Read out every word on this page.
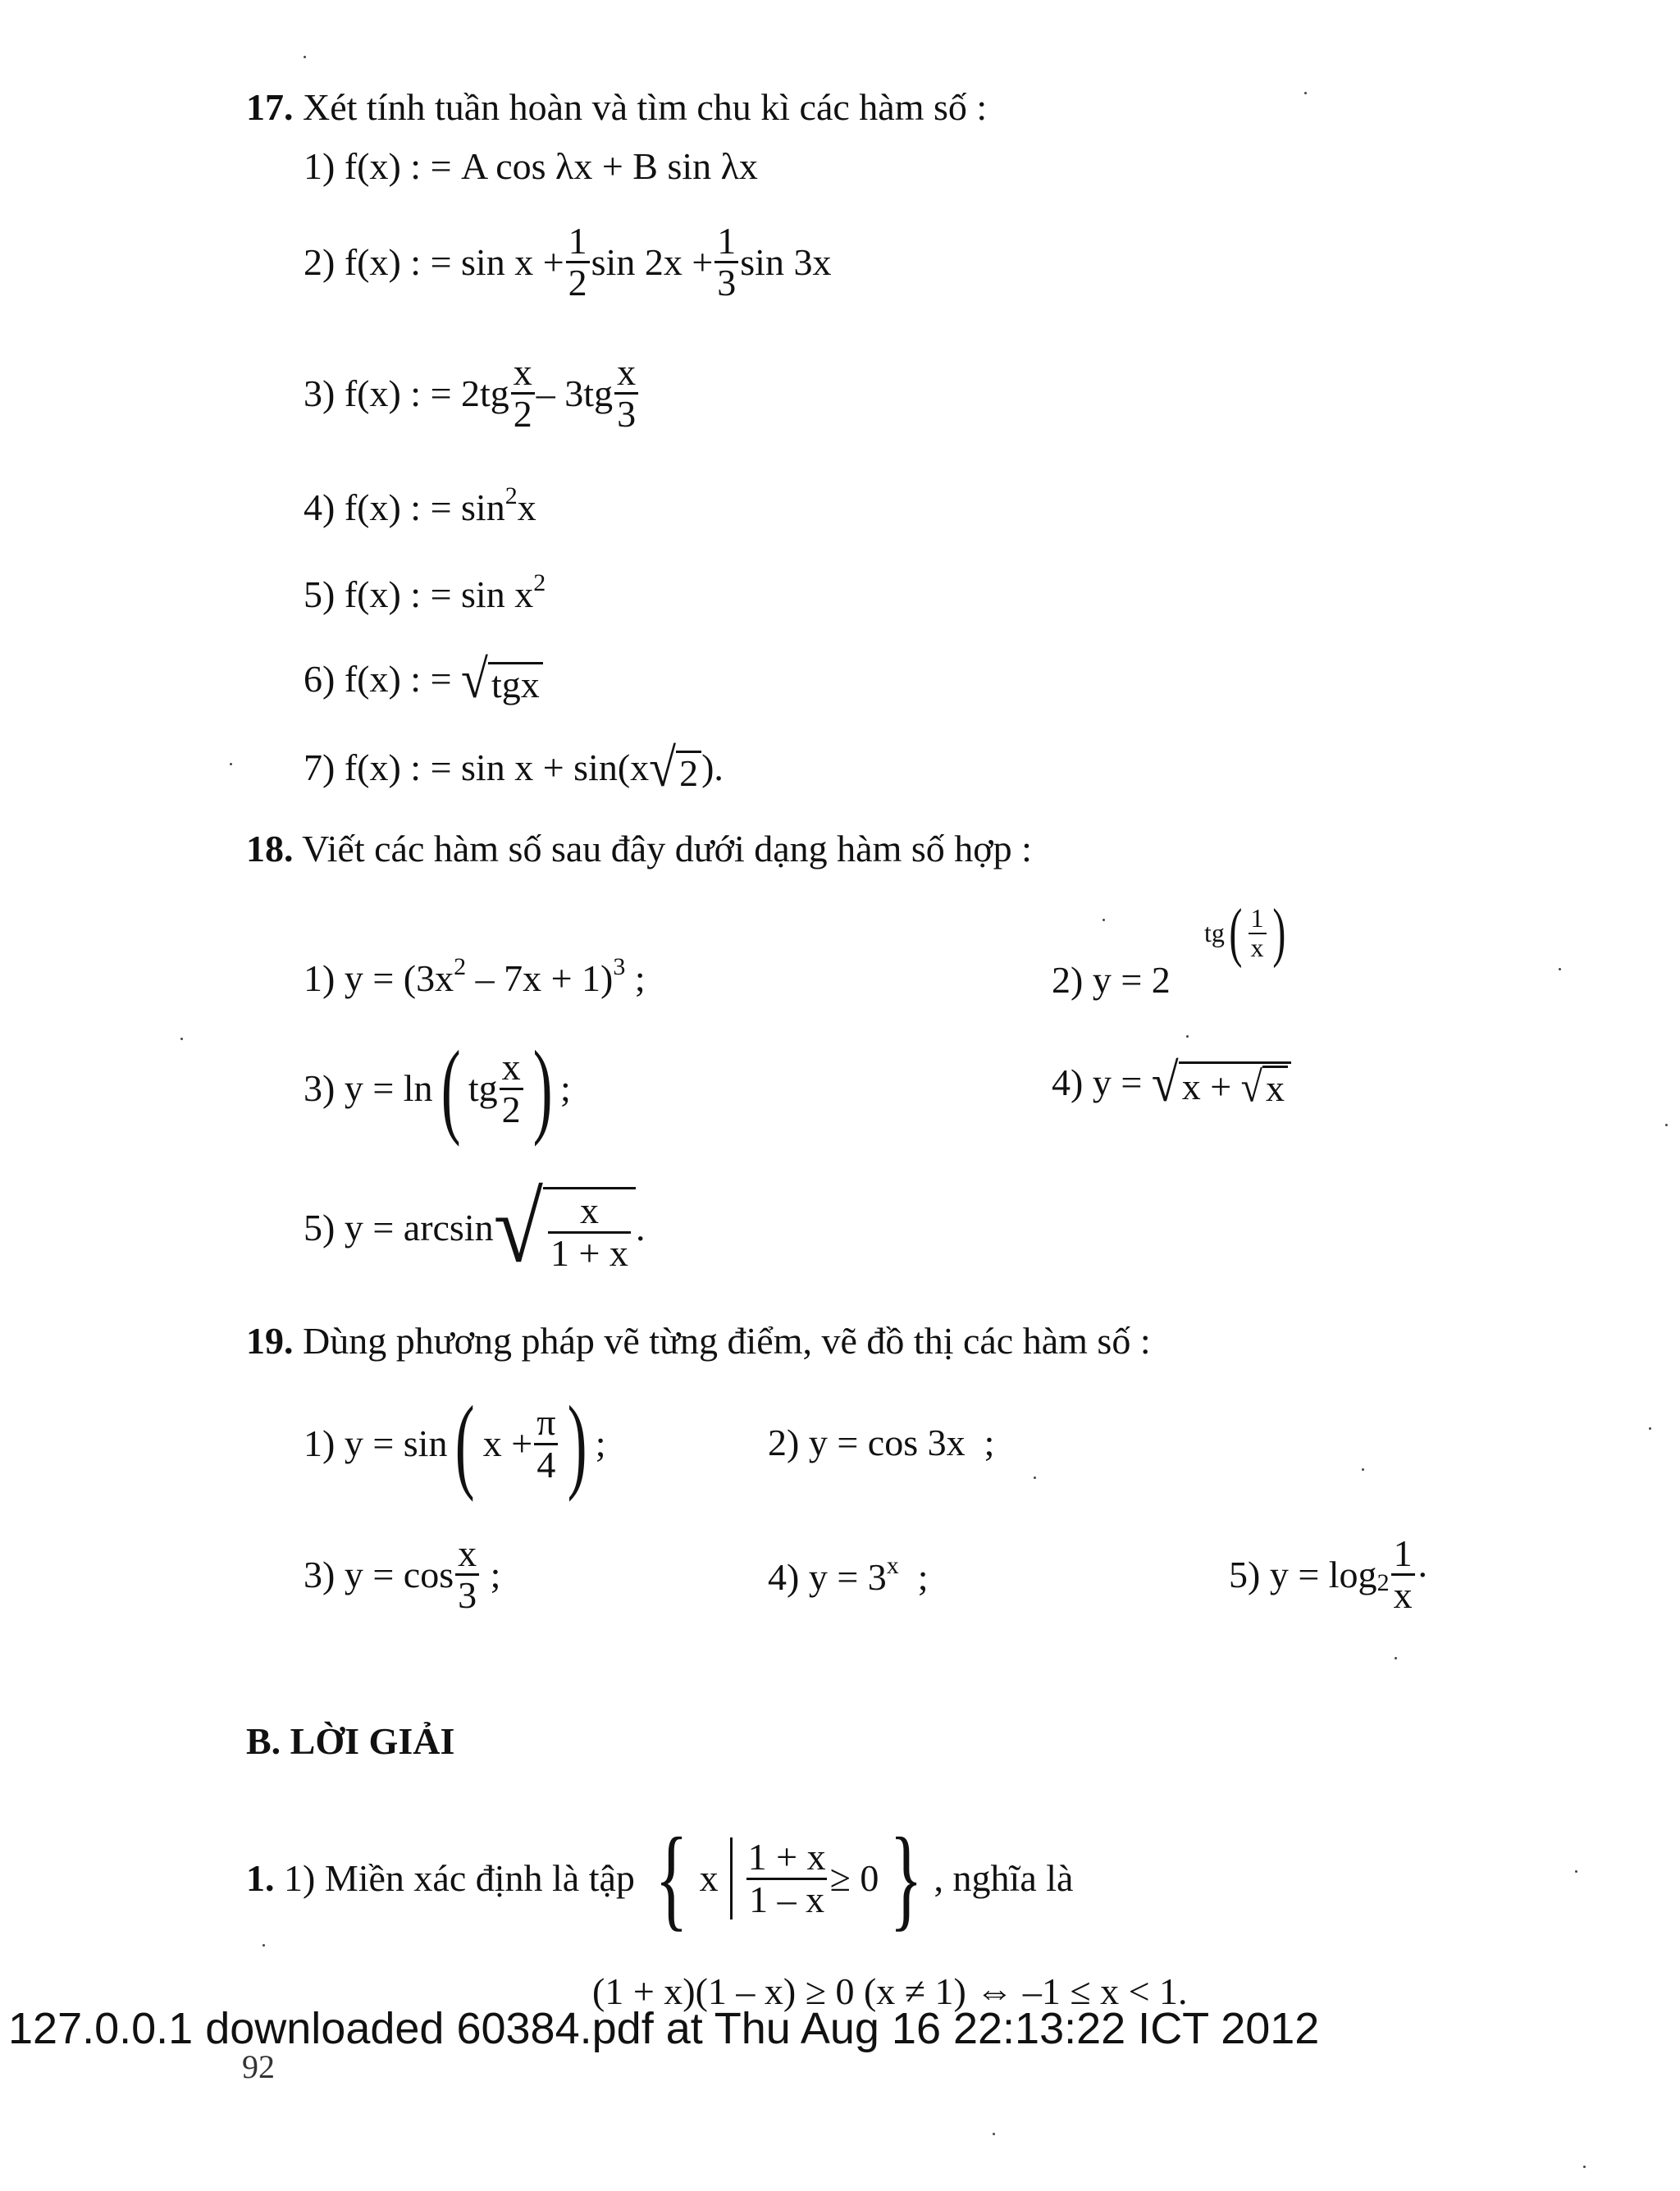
17. Xét tính tuần hoàn và tìm chu kì các hàm số :
1)
f(x) : =
A cos λx + B sin λx
2)
f(x) : =
$\sin x + \frac{1}{2}$ $\sin 2x + \frac{1}{3}$ sin 3x
3)
f(x) : =
$2tg \frac{x}{2} - 3tg \frac{x}{3}$
4)
f(x) : =
$\sin^2 x$
5)
f(x) : =
$\sin x^2$
6)
f(x) : =
√ tgx
7)
f(x) : =
sin x + sin(x √ 2 ).
18. Viết các hàm số sau đây dưới dạng hàm số hợp :
1)
$y = (3x^2$
– 7x + 1)$^3$
;	2)
y = 2
tg ( $\frac{1}{x}$ )
3)
y = ln ( tg $\frac{x}{2}$ ) ;	4)
y =
√ x +
√ x
5)
y = arcsin √ $\frac{x}{1 + x}$ .
19. Dùng phương pháp vẽ từng điểm, vẽ đồ thị các hàm số :
1)
y = sin ( $x + \frac{\pi}{4}$ ) ;	2)
y = cos 3x
;
3)
$y = \cos \frac{x}{3}$
;	4)
$y = 3^x$
;	5)
$y = \log_2 \frac{1}{x}$ ·
B. LỜI GIẢI
1.
1) Miền xác định là tập
{ x $\frac{1 + x}{1 - x} \ge 0$ } , nghĩa là
(1 + x)(1 – x) ≥ 0 (x ≠ 1) ⇔ –1 ≤ x < 1.
92
127.0.0.1 downloaded 60384.pdf at Thu Aug 16 22:13:22 ICT 2012
